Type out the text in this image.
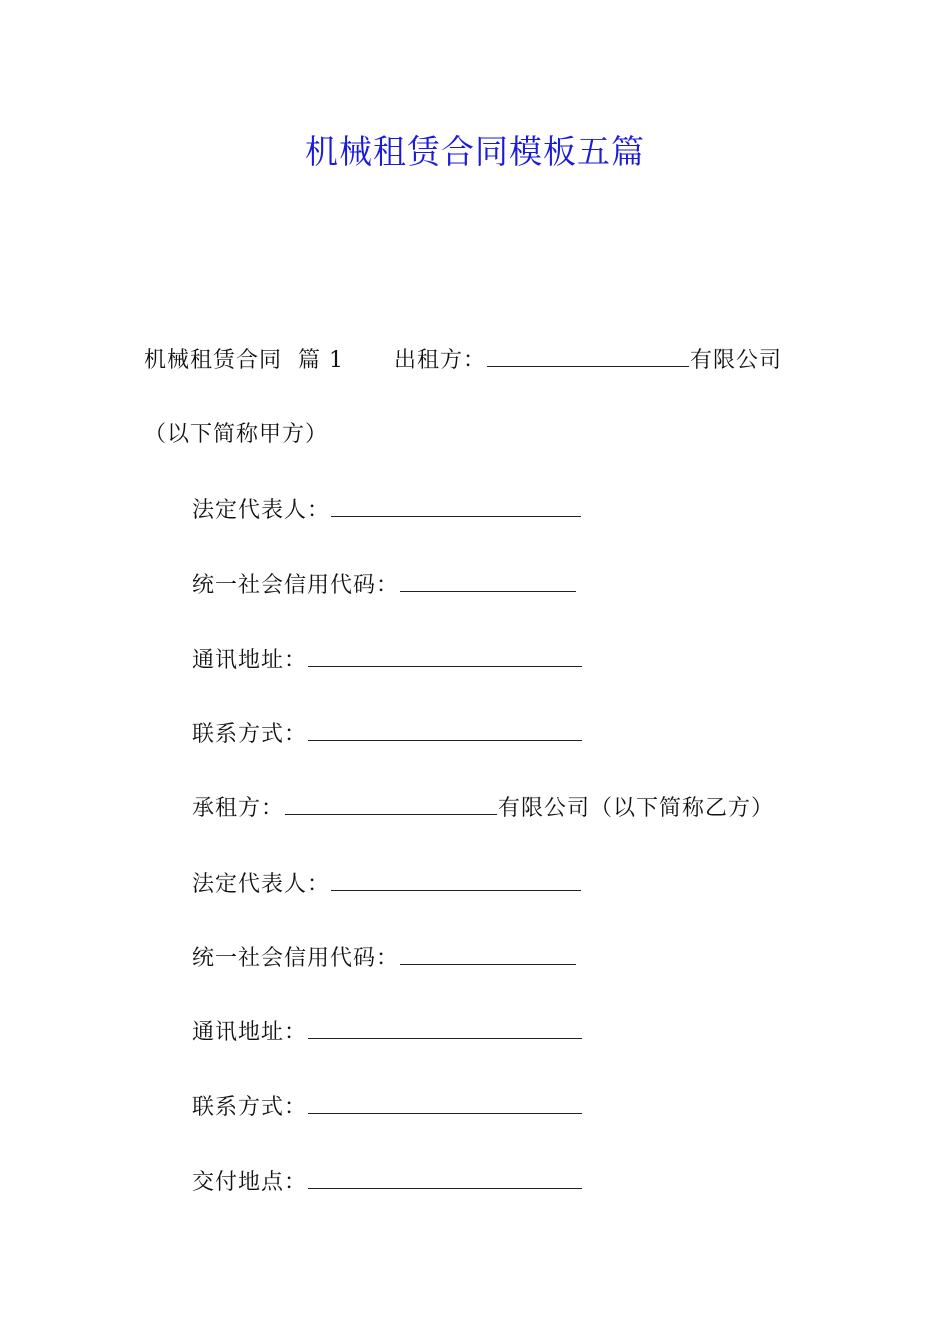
机械租赁合同模板五篇
机械租赁合同 篇 1 出租方：	有限公司
（以下简称甲方）
法定代表人：
统一社会信用代码：
通讯地址：
联系方式：
承租方：	有限公司（以下简称乙方）
法定代表人：
统一社会信用代码：
通讯地址：
联系方式：
交付地点：
